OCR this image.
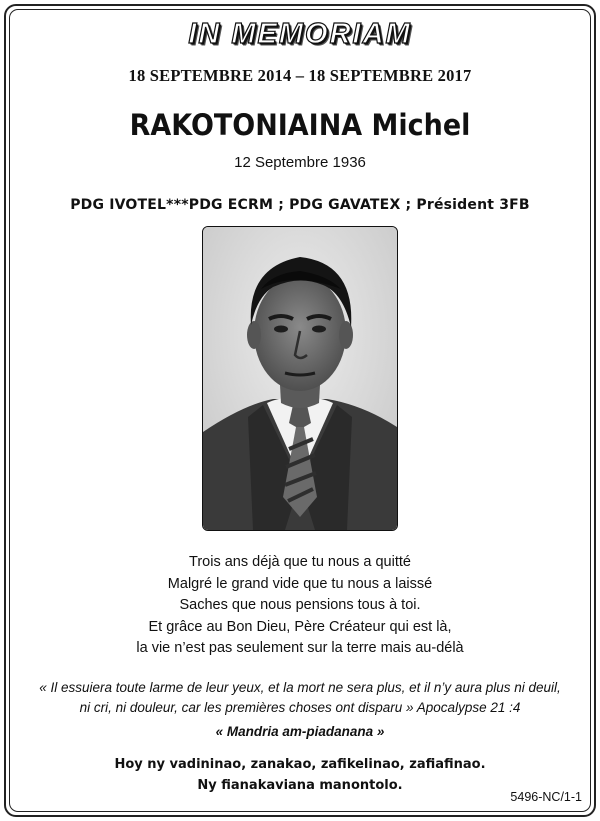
IN MEMORIAM
18 SEPTEMBRE 2014 – 18 SEPTEMBRE 2017
RAKOTONIAINA Michel
12 Septembre 1936
PDG IVOTEL***PDG ECRM ; PDG GAVATEX ; Président 3FB
Trois ans déjà que tu nous a quitté
Malgré le grand vide que tu nous a laissé
Saches que nous pensions tous à toi.
Et grâce au Bon Dieu, Père Créateur qui est là,
la vie n’est pas seulement sur la terre mais au-délà
« Il essuiera toute larme de leur yeux, et la mort ne sera plus, et il n’y aura plus ni deuil,
ni cri, ni douleur, car les premières choses ont disparu » Apocalypse 21 :4
« Mandria am-piadanana »
Hoy ny vadininao, zanakao, zafikelinao, zafiafinao.
Ny fianakaviana manontolo.
5496-NC/1-1
